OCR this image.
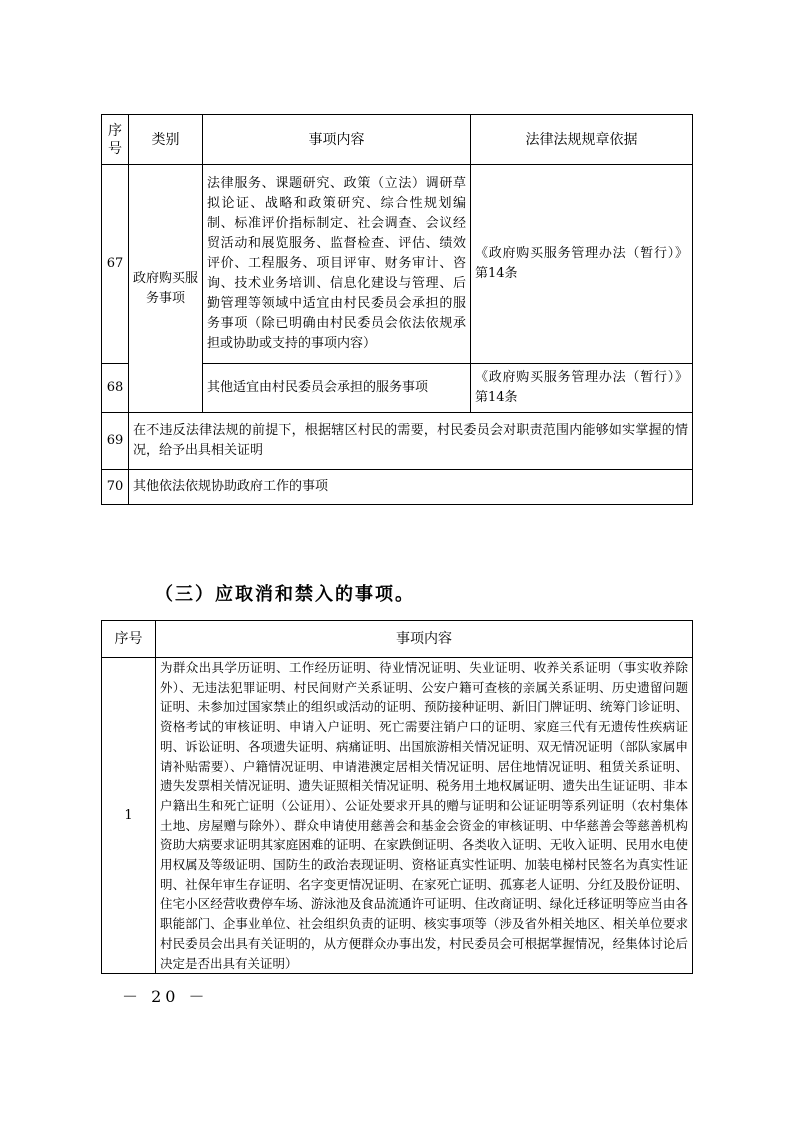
序号	类别	事项内容	法律法规规章依据
67	政府购买服务事项	法律服务、课题研究、政策（立法）调研草拟论证、战略和政策研究、综合性规划编制、标准评价指标制定、社会调查、会议经贸活动和展览服务、监督检查、评估、绩效评价、工程服务、项目评审、财务审计、咨询、技术业务培训、信息化建设与管理、后勤管理等领域中适宜由村民委员会承担的服务事项（除已明确由村民委员会依法依规承担或协助或支持的事项内容）	《政府购买服务管理办法（暂行）》第14条
68		其他适宜由村民委员会承担的服务事项	《政府购买服务管理办法（暂行）》第14条
69	在不违反法律法规的前提下，根据辖区村民的需要，村民委员会对职责范围内能够如实掌握的情况，给予出具相关证明		
70	其他依法依规协助政府工作的事项		
（三）应取消和禁入的事项。
序号	事项内容
1	为群众出具学历证明、工作经历证明、待业情况证明、失业证明、收养关系证明（事实收养除外）、无违法犯罪证明、村民间财产关系证明、公安户籍可查核的亲属关系证明、历史遗留问题证明、未参加过国家禁止的组织或活动的证明、预防接种证明、新旧门牌证明、统筹门诊证明、资格考试的审核证明、申请入户证明、死亡需要注销户口的证明、家庭三代有无遗传性疾病证明、诉讼证明、各项遗失证明、病痛证明、出国旅游相关情况证明、双无情况证明（部队家属申请补贴需要）、户籍情况证明、申请港澳定居相关情况证明、居住地情况证明、租赁关系证明、遗失发票相关情况证明、遗失证照相关情况证明、税务用土地权属证明、遗失出生证证明、非本户籍出生和死亡证明（公证用）、公证处要求开具的赠与证明和公证证明等系列证明（农村集体土地、房屋赠与除外）、群众申请使用慈善会和基金会资金的审核证明、中华慈善会等慈善机构资助大病要求证明其家庭困难的证明、在家跌倒证明、各类收入证明、无收入证明、民用水电使用权属及等级证明、国防生的政治表现证明、资格证真实性证明、加装电梯村民签名为真实性证明、社保年审生存证明、名字变更情况证明、在家死亡证明、孤寡老人证明、分红及股份证明、住宅小区经营收费停车场、游泳池及食品流通许可证明、住改商证明、绿化迁移证明等应当由各职能部门、企事业单位、社会组织负责的证明、核实事项等（涉及省外相关地区、相关单位要求村民委员会出具有关证明的，从方便群众办事出发，村民委员会可根据掌握情况，经集体讨论后决定是否出具有关证明）
－ 20 －
